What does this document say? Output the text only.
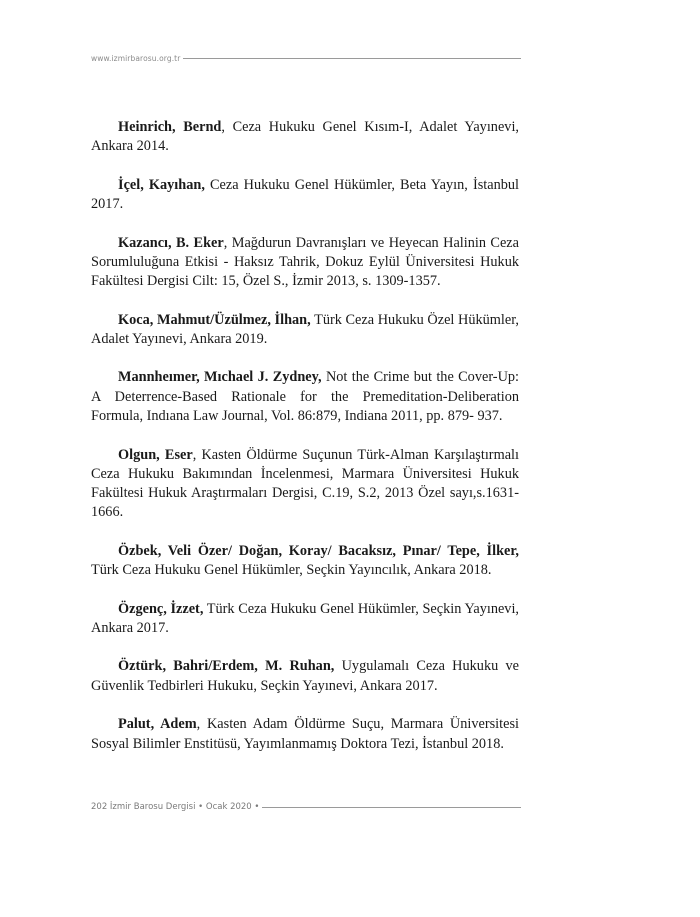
www.izmirbarosu.org.tr

Heinrich, Bernd, Ceza Hukuku Genel Kısım-I, Adalet Yayınevi, Ankara 2014.

İçel, Kayıhan, Ceza Hukuku Genel Hükümler, Beta Yayın, İstanbul 2017.

Kazancı, B. Eker, Mağdurun Davranışları ve Heyecan Halinin Ceza Sorumluluğuna Etkisi - Haksız Tahrik, Dokuz Eylül Üniversitesi Hukuk Fakültesi Dergisi Cilt: 15, Özel S., İzmir 2013, s. 1309-1357.

Koca, Mahmut/Üzülmez, İlhan, Türk Ceza Hukuku Özel Hükümler, Adalet Yayınevi, Ankara 2019.

Mannheımer, Mıchael J. Zydney, Not the Crime but the Cover-Up: A Deterrence-Based Rationale for the Premeditation-Deliberation Formula, Indıana Law Journal, Vol. 86:879, Indiana 2011, pp. 879- 937.

Olgun, Eser, Kasten Öldürme Suçunun Türk-Alman Karşılaştırmalı Ceza Hukuku Bakımından İncelenmesi, Marmara Üniversitesi Hukuk Fakültesi Hukuk Araştırmaları Dergisi, C.19, S.2, 2013 Özel sayı,s.1631-1666.

Özbek, Veli Özer/ Doğan, Koray/ Bacaksız, Pınar/ Tepe, İlker, Türk Ceza Hukuku Genel Hükümler, Seçkin Yayıncılık, Ankara 2018.

Özgenç, İzzet, Türk Ceza Hukuku Genel Hükümler, Seçkin Yayınevi, Ankara 2017.

Öztürk, Bahri/Erdem, M. Ruhan, Uygulamalı Ceza Hukuku ve Güvenlik Tedbirleri Hukuku, Seçkin Yayınevi, Ankara 2017.

Palut, Adem, Kasten Adam Öldürme Suçu, Marmara Üniversitesi Sosyal Bilimler Enstitüsü, Yayımlanmamış Doktora Tezi, İstanbul 2018.

202 İzmir Barosu Dergisi • Ocak 2020 •
